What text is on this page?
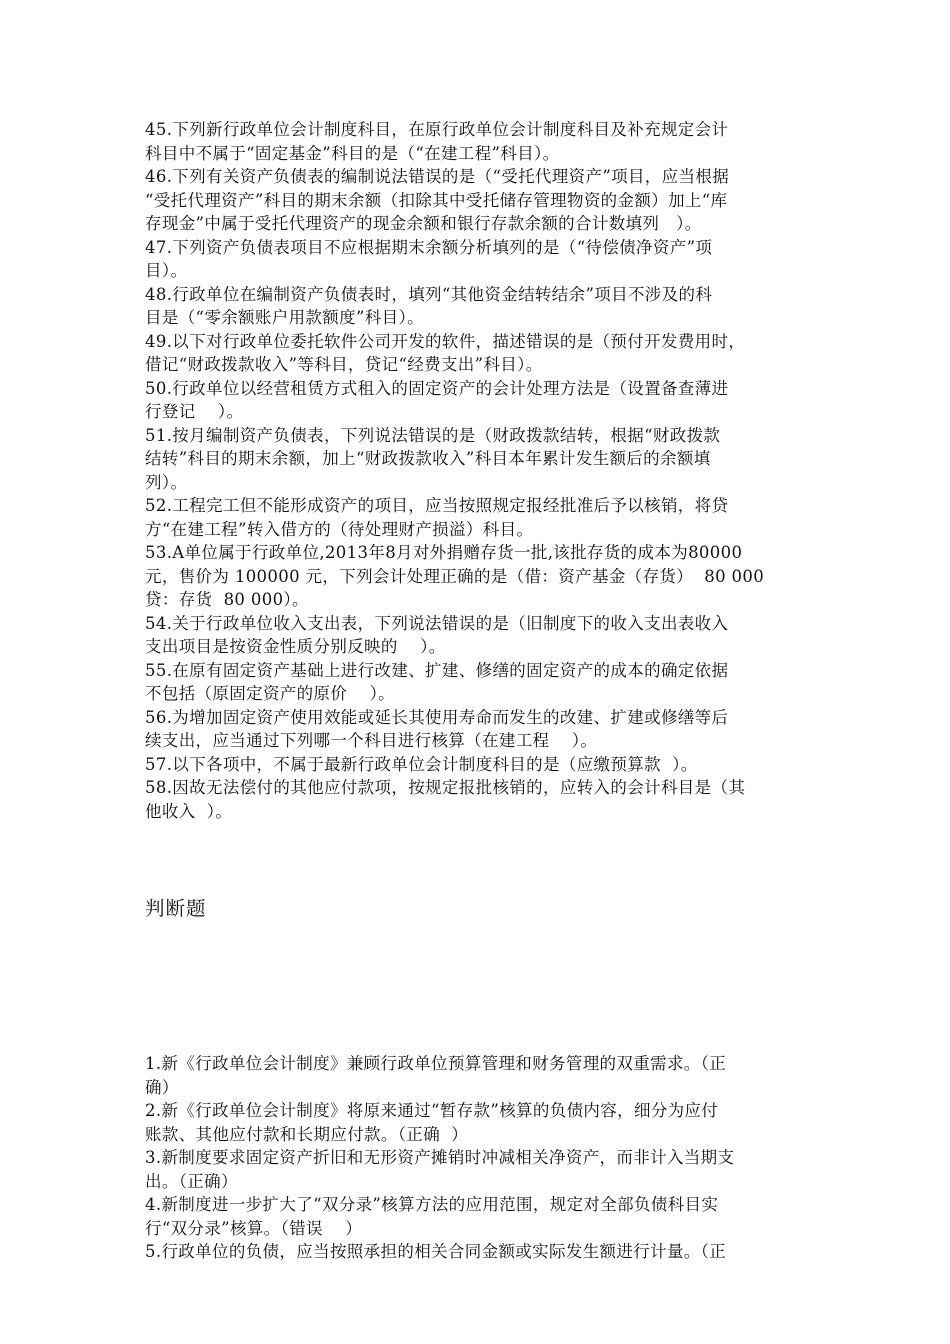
45.下列新行政单位会计制度科目，在原行政单位会计制度科目及补充规定会计
科目中不属于“固定基金”科目的是（“在建工程”科目）。
46.下列有关资产负债表的编制说法错误的是（“受托代理资产”项目，应当根据
“受托代理资产”科目的期末余额（扣除其中受托储存管理物资的金额）加上“库
存现金”中属于受托代理资产的现金余额和银行存款余额的合计数填列   ）。
47.下列资产负债表项目不应根据期末余额分析填列的是（“待偿债净资产”项
目）。
48.行政单位在编制资产负债表时，填列“其他资金结转结余”项目不涉及的科
目是（“零余额账户用款额度”科目）。
49.以下对行政单位委托软件公司开发的软件，描述错误的是（预付开发费用时，
借记“财政拨款收入”等科目，贷记“经费支出”科目）。
50.行政单位以经营租赁方式租入的固定资产的会计处理方法是（设置备查薄进
行登记    ）。
51.按月编制资产负债表，下列说法错误的是（财政拨款结转，根据“财政拨款
结转”科目的期末余额，加上“财政拨款收入”科目本年累计发生额后的余额填
列）。
52.工程完工但不能形成资产的项目，应当按照规定报经批准后予以核销，将贷
方“在建工程”转入借方的（待处理财产损溢）科目。
53.A单位属于行政单位,2013年8月对外捐赠存货一批,该批存货的成本为80000
元，售价为 100000 元，下列会计处理正确的是（借：资产基金（存货）  80 000
贷：存货  80 000）。
54.关于行政单位收入支出表，下列说法错误的是（旧制度下的收入支出表收入
支出项目是按资金性质分别反映的    ）。
55.在原有固定资产基础上进行改建、扩建、修缮的固定资产的成本的确定依据
不包括（原固定资产的原价    ）。
56.为增加固定资产使用效能或延长其使用寿命而发生的改建、扩建或修缮等后
续支出，应当通过下列哪一个科目进行核算（在建工程    ）。
57.以下各项中，不属于最新行政单位会计制度科目的是（应缴预算款  ）。
58.因故无法偿付的其他应付款项，按规定报批核销的，应转入的会计科目是（其
他收入  ）。
判断题
1.新《行政单位会计制度》兼顾行政单位预算管理和财务管理的双重需求。（正
确）
2.新《行政单位会计制度》将原来通过“暂存款”核算的负债内容，细分为应付
账款、其他应付款和长期应付款。（正确  ）
3.新制度要求固定资产折旧和无形资产摊销时冲减相关净资产，而非计入当期支
出。（正确）
4.新制度进一步扩大了“双分录”核算方法的应用范围，规定对全部负债科目实
行“双分录”核算。（错误    ）
5.行政单位的负债，应当按照承担的相关合同金额或实际发生额进行计量。（正
